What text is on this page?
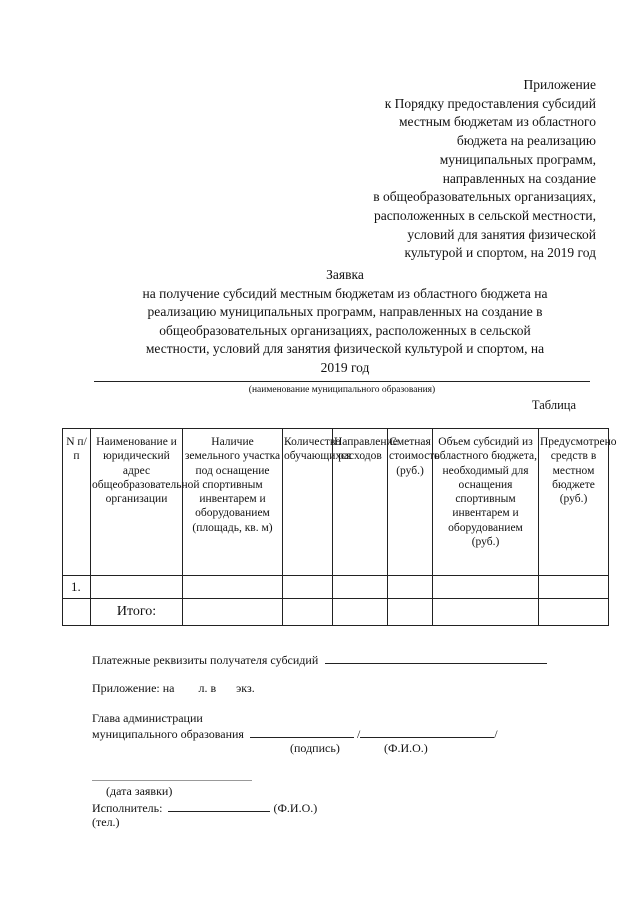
Приложение
к Порядку предоставления субсидий
местным бюджетам из областного
бюджета на реализацию
муниципальных программ,
направленных на создание
в общеобразовательных организациях,
расположенных в сельской местности,
условий для занятия физической
культурой и спортом, на 2019 год
Заявка
на получение субсидий местным бюджетам из областного бюджета на
реализацию муниципальных программ, направленных на создание в
общеобразовательных организациях, расположенных в сельской
местности, условий для занятия физической культурой и спортом, на
2019 год
(наименование муниципального образования)
Таблица
N п/п	Наименование и юридический адрес общеобразовательной организации	Наличие земельного участка под оснащение спортивным инвентарем и оборудованием (площадь, кв. м)	Количество обучающихся	Направление расходов	Сметная стоимость (руб.)	Объем субсидий из областного бюджета, необходимый для оснащения спортивным инвентарем и оборудованием (руб.)	Предусмотрено средств в местном бюджете (руб.)
1.							
	Итого:						
Платежные реквизиты получателя субсидий
Приложение: на л. в экз.
Глава администрации
муниципального образования	/	/
(подпись)	(Ф.И.О.)
(дата заявки)
Исполнитель:	(Ф.И.О.)
(тел.)
